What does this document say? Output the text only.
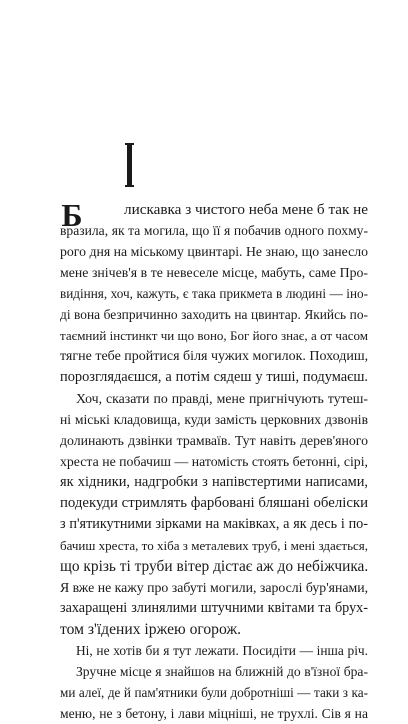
Б	лискавка з чистого неба мене б так не
вразила, як та могила, що її я побачив одного похму-
рого дня на міському цвинтарі. Не знаю, що занесло
мене знічев'я в те невеселе місце, мабуть, саме Про-
видіння, хоч, кажуть, є така прикмета в людині — іно-
ді вона безпричинно заходить на цвинтар. Якийсь по-
таємний інстинкт чи що воно, Бог його знає, а от часом
тягне тебе пройтися біля чужих могилок. Походиш,
порозглядаєшся, а потім сядеш у тиші, подумаєш.
Хоч, сказати по правді, мене пригнічують тутеш-
ні міські кладовища, куди замість церковних дзвонів
долинають дзвінки трамваїв. Тут навіть дерев'яного
хреста не побачиш — натомість стоять бетонні, сірі,
як хідники, надгробки з напівстертими написами,
подекуди стримлять фарбовані бляшані обеліски
з п'ятикутними зірками на маківках, а як десь і по-
бачиш хреста, то хіба з металевих труб, і мені здається,
що крізь ті труби вітер дістає аж до небіжчика.
Я вже не кажу про забуті могили, зарослі бур'янами,
захаращені злинялими штучними квітами та брух-
том з'їдених іржею огорож.
Ні, не хотів би я тут лежати. Посидіти — інша річ.
Зручне місце я знайшов на ближній до в'їзної бра-
ми алеї, де й пам'ятники були добротніші — таки з ка-
меню, не з бетону, і лави міцніші, не трухлі. Сів я на
